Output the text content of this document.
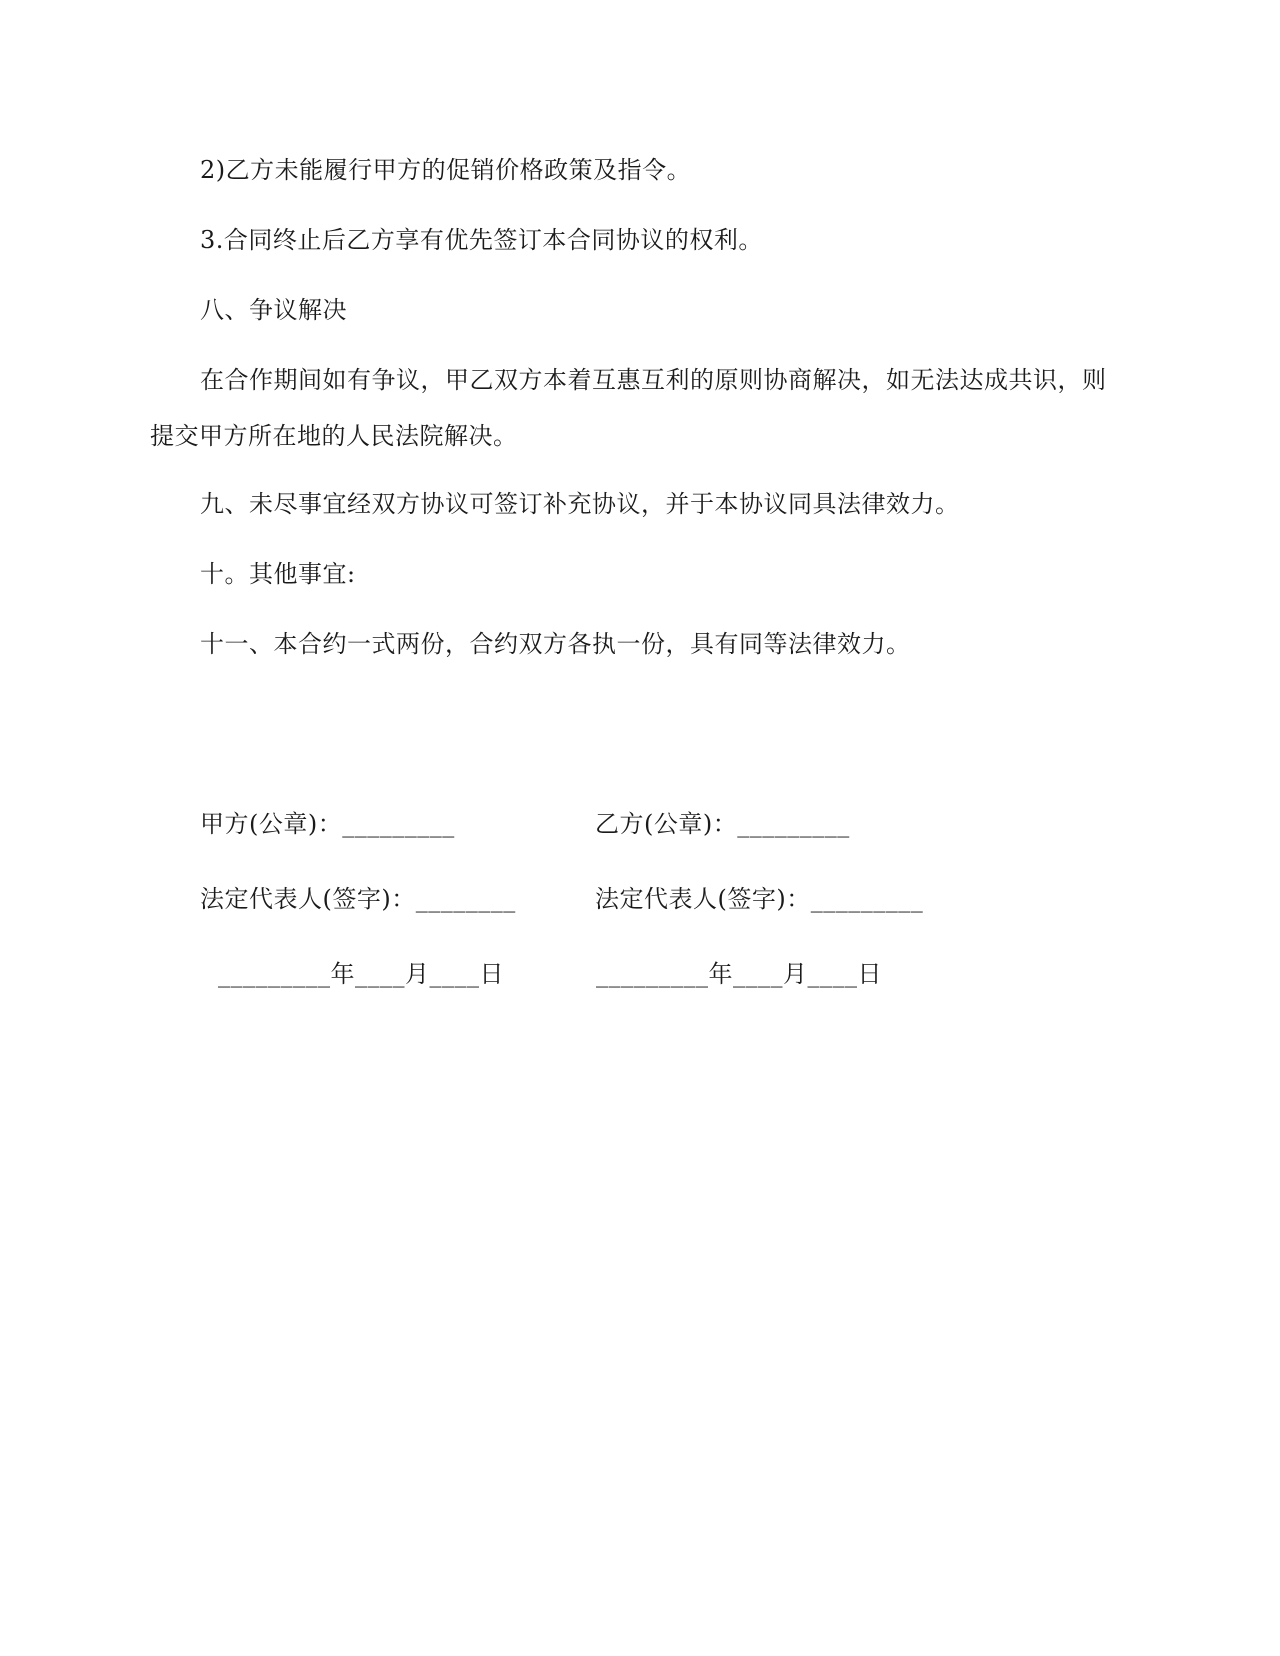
2)乙方未能履行甲方的促销价格政策及指令。

3.合同终止后乙方享有优先签订本合同协议的权利。

八、争议解决

在合作期间如有争议，甲乙双方本着互惠互利的原则协商解决，如无法达成共识，则提交甲方所在地的人民法院解决。

九、未尽事宜经双方协议可签订补充协议，并于本协议同具法律效力。

十。其他事宜:

十一、本合约一式两份，合约双方各执一份，具有同等法律效力。

甲方(公章)：_________	乙方(公章)：_________
法定代表人(签字)：________	法定代表人(签字)：_________
_________年____月____日	_________年____月____日
